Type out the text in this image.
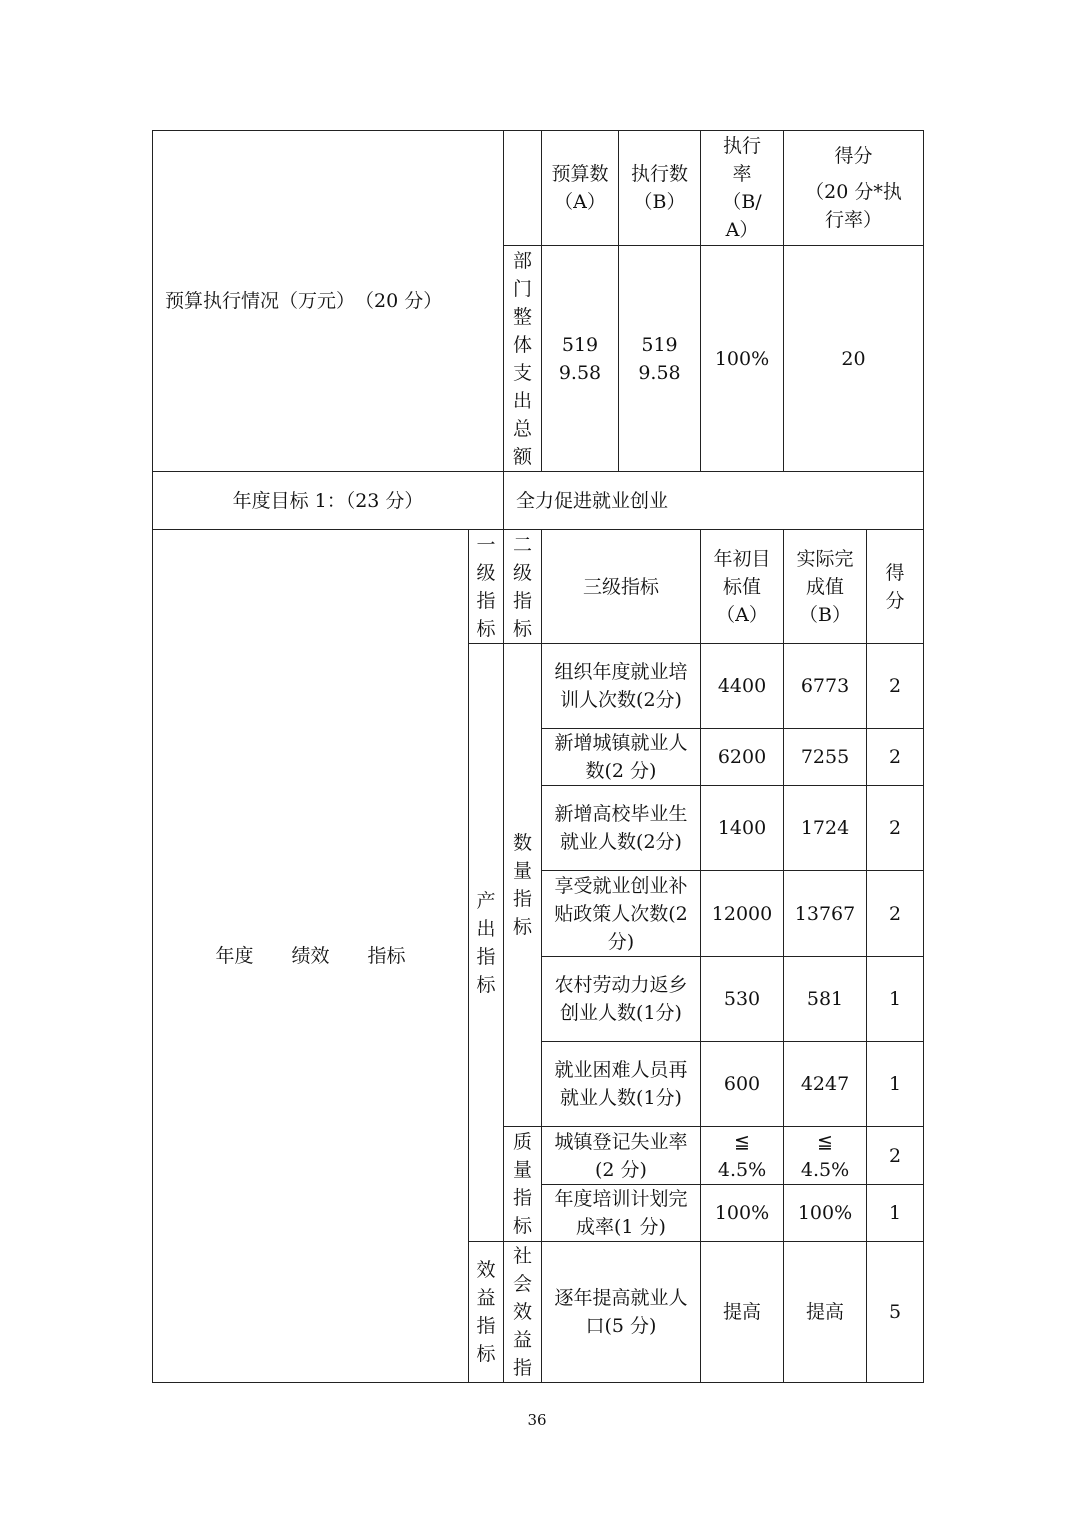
预算执行情况（万元）　（20 分）			预算数（A）	执行数（B）	执行率（B/A）	得分
（20 分*执行率）	

		部门整体支出总额	5199.58	5199.58	100%	20	
年度目标 1：（23 分）		全力促进就业创业					
年度　　绩效　　指标	一级指标	二级指标	三级指标		年初目标值（A）	实际完成值（B）	得分

	产出指标	数量指标	组织年度就业培训人次数(2分)		4400	6773	2

			新增城镇就业人数(2 分)		6200	7255	2

			新增高校毕业生就业人数(2分)		1400	1724	2

			享受就业创业补贴政策人次数(2 分)		12000	13767	2

			农村劳动力返乡创业人数(1分)		530	581	1

			就业困难人员再就业人数(1分)		600	4247	1

		质量指标	城镇登记失业率(2 分)		≦ 4.5%	≦ 4.5%	2

			年度培训计划完成率(1 分)		100%	100%	1

	效益指标	社会效益指	逐年提高就业人口(5 分)		提高	提高	5
36
